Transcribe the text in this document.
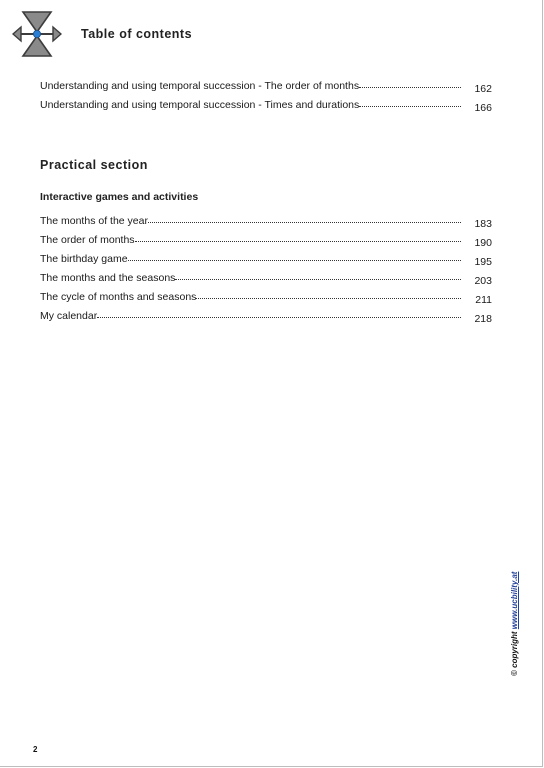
Table of contents
Understanding and using temporal succession - The order of months	162
Understanding and using temporal succession - Times and durations	166
Practical section
Interactive games and activities
The months of the year	183
The order of months	190
The birthday game	195
The months and the seasons	203
The cycle of months and seasons	211
My calendar	218
© copyright www.ucbility.at
2
